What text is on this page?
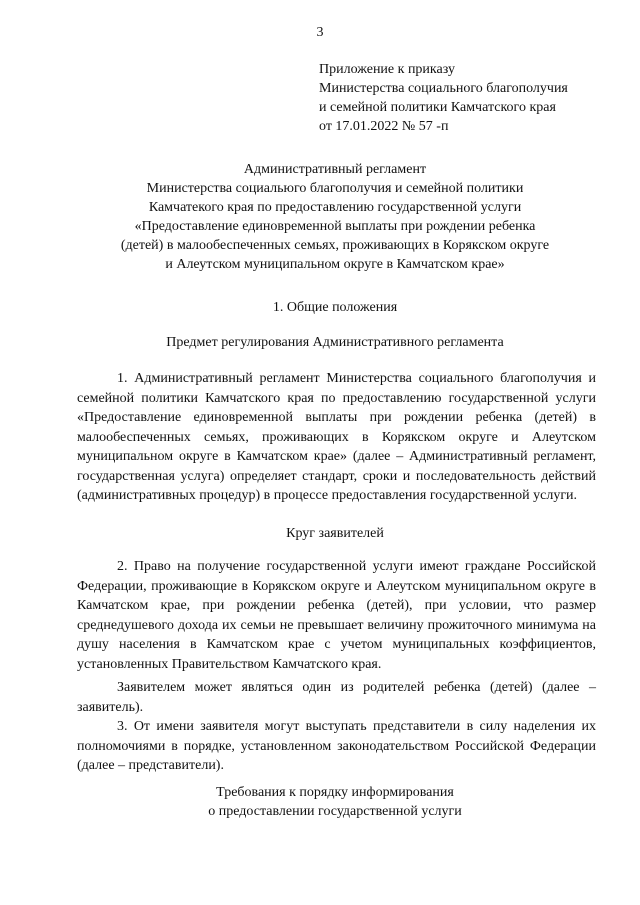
3
Приложение к приказу
Министерства социального благополучия
и семейной политики Камчатского края
от 17.01.2022 № 57 -п
Административный регламент
Министерства социальюго благополучия и семейной политики
Камчатекого края по предоставлению государственной услуги
«Предоставление единовременной выплаты при рождении ребенка
(детей) в малообеспеченных семьях, проживающих в Корякском округе
и Алеутском муниципальном округе в Камчатском крае»
1. Общие положения
Предмет регулирования Административного регламента
1. Административный регламент Министерства социального благополучия и семейной политики Камчатского края по предоставлению государственной услуги «Предоставление единовременной выплаты при рождении ребенка (детей) в малообеспеченных семьях, проживающих в Корякском округе и Алеутском муниципальном округе в Камчатском крае» (далее – Административный регламент, государственная услуга) определяет стандарт, сроки и последовательность действий (административных процедур) в процессе предоставления государственной услуги.
Круг заявителей
2. Право на получение государственной услуги имеют граждане Российской Федерации, проживающие в Корякском округе и Алеутском муниципальном округе в Камчатском крае, при рождении ребенка (детей), при условии, что размер среднедушевого дохода их семьи не превышает величину прожиточного минимума на душу населения в Камчатском крае с учетом муниципальных коэффициентов, установленных Правительством Камчатского края.
Заявителем может являться один из родителей ребенка (детей) (далее – заявитель).
3. От имени заявителя могут выступать представители в силу наделения их полномочиями в порядке, установленном законодательством Российской Федерации (далее – представители).
Требования к порядку информирования
о предоставлении государственной услуги
